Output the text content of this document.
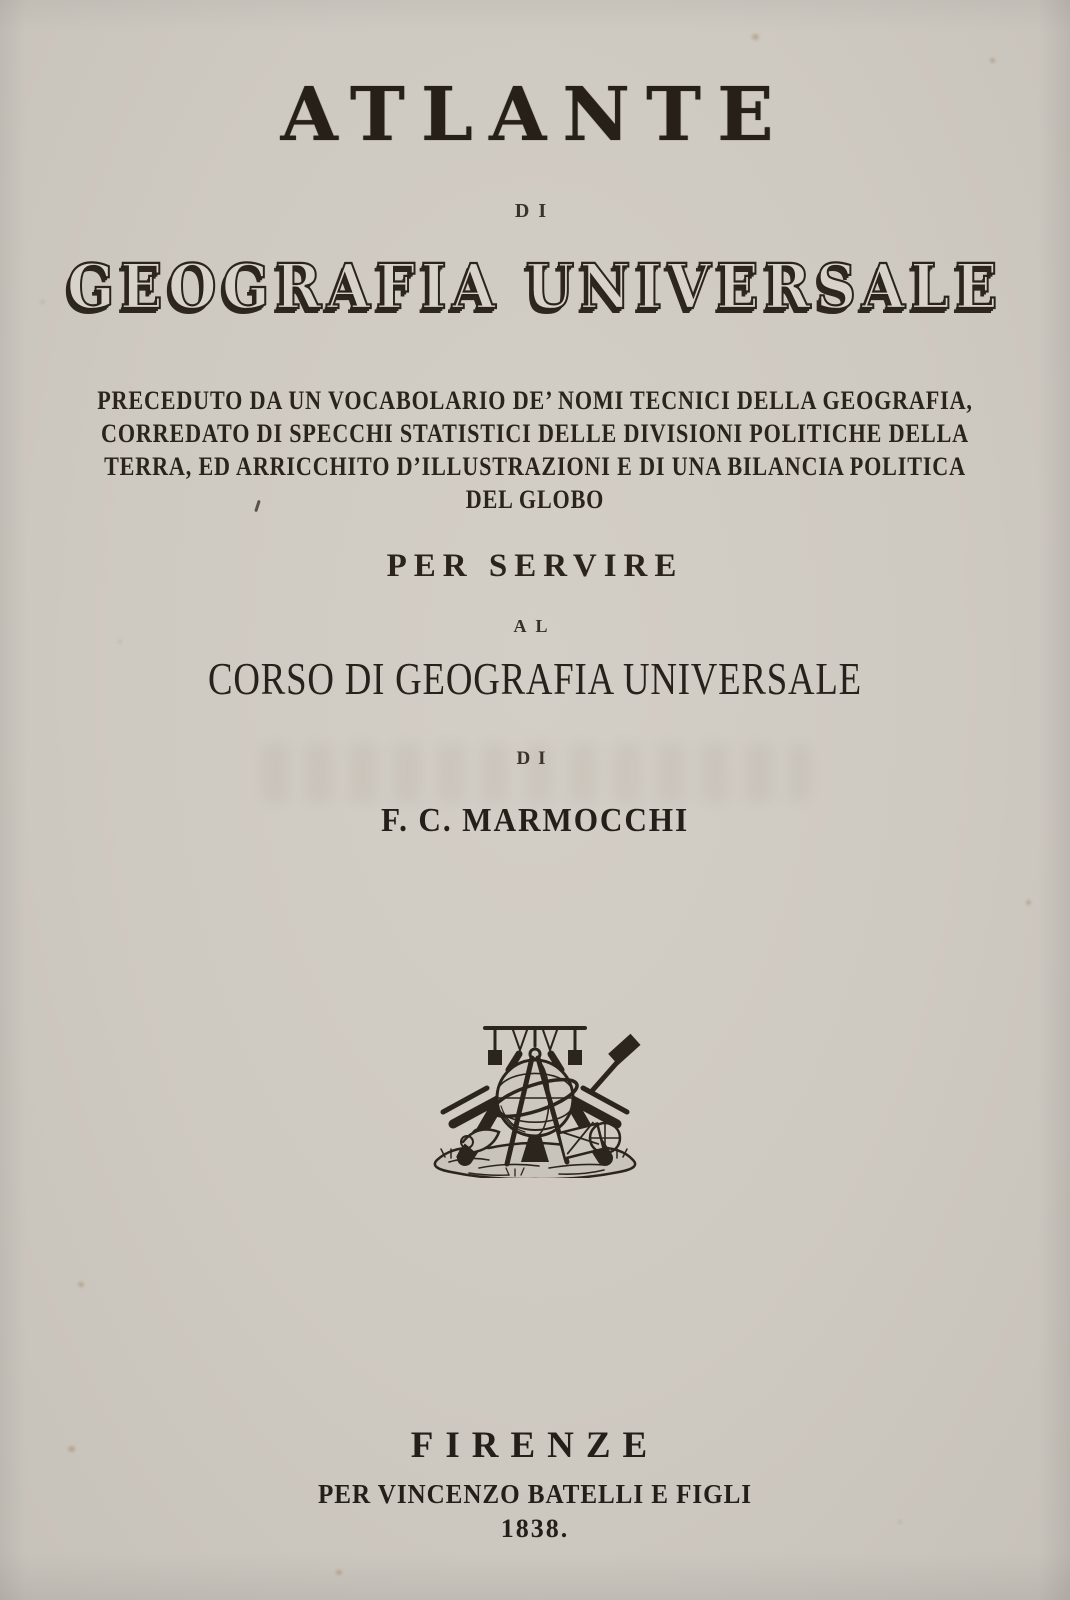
ATLANTE
DI
GEOGRAFIA UNIVERSALE
PRECEDUTO DA UN VOCABOLARIO DE’ NOMI TECNICI DELLA GEOGRAFIA,
CORREDATO DI SPECCHI STATISTICI DELLE DIVISIONI POLITICHE DELLA
TERRA, ED ARRICCHITO D’ILLUSTRAZIONI E DI UNA BILANCIA POLITICA
DEL GLOBO
PER SERVIRE
AL
CORSO DI GEOGRAFIA UNIVERSALE
DI
F. C. MARMOCCHI
FIRENZE
PER VINCENZO BATELLI E FIGLI
1838.
